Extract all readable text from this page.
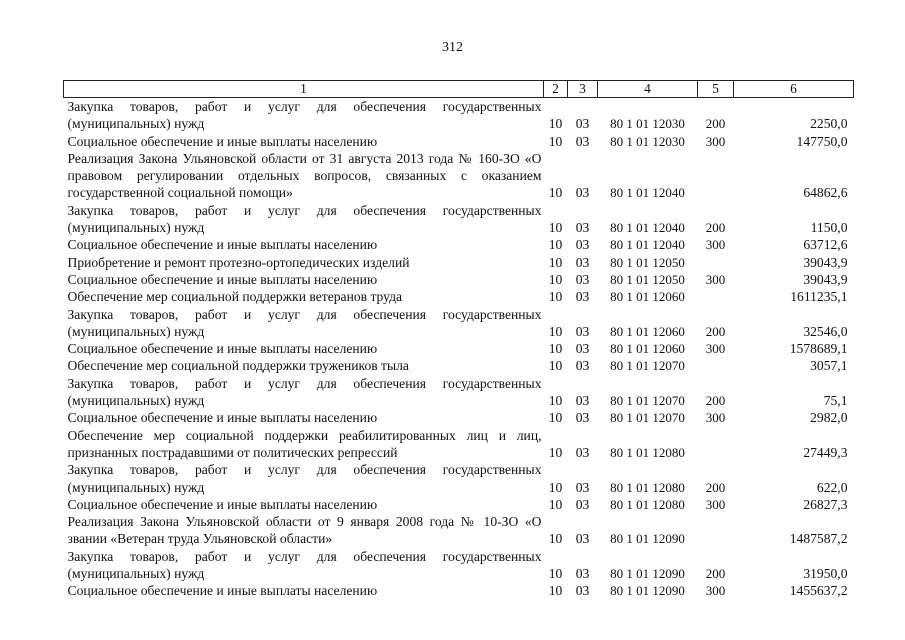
312
1	2	3	4	5	6
Закупка товаров, работ и услуг для обеспечения государственных (муниципальных) нужд	10	03	80 1 01 12030	200	2250,0
Социальное обеспечение и иные выплаты населению	10	03	80 1 01 12030	300	147750,0
Реализация Закона Ульяновской области от 31 августа 2013 года № 160-ЗО «О правовом регулировании отдельных вопросов, связанных с оказанием государственной социальной помощи»	10	03	80 1 01 12040		64862,6
Закупка товаров, работ и услуг для обеспечения государственных (муниципальных) нужд	10	03	80 1 01 12040	200	1150,0
Социальное обеспечение и иные выплаты населению	10	03	80 1 01 12040	300	63712,6
Приобретение и ремонт протезно-ортопедических изделий	10	03	80 1 01 12050		39043,9
Социальное обеспечение и иные выплаты населению	10	03	80 1 01 12050	300	39043,9
Обеспечение мер социальной поддержки ветеранов труда	10	03	80 1 01 12060		1611235,1
Закупка товаров, работ и услуг для обеспечения государственных (муниципальных) нужд	10	03	80 1 01 12060	200	32546,0
Социальное обеспечение и иные выплаты населению	10	03	80 1 01 12060	300	1578689,1
Обеспечение мер социальной поддержки тружеников тыла	10	03	80 1 01 12070		3057,1
Закупка товаров, работ и услуг для обеспечения государственных (муниципальных) нужд	10	03	80 1 01 12070	200	75,1
Социальное обеспечение и иные выплаты населению	10	03	80 1 01 12070	300	2982,0
Обеспечение мер социальной поддержки реабилитированных лиц и лиц, признанных пострадавшими от политических репрессий	10	03	80 1 01 12080		27449,3
Закупка товаров, работ и услуг для обеспечения государственных (муниципальных) нужд	10	03	80 1 01 12080	200	622,0
Социальное обеспечение и иные выплаты населению	10	03	80 1 01 12080	300	26827,3
Реализация Закона Ульяновской области от 9 января 2008 года № 10-ЗО «О звании «Ветеран труда Ульяновской области»	10	03	80 1 01 12090		1487587,2
Закупка товаров, работ и услуг для обеспечения государственных (муниципальных) нужд	10	03	80 1 01 12090	200	31950,0
Социальное обеспечение и иные выплаты населению	10	03	80 1 01 12090	300	1455637,2
